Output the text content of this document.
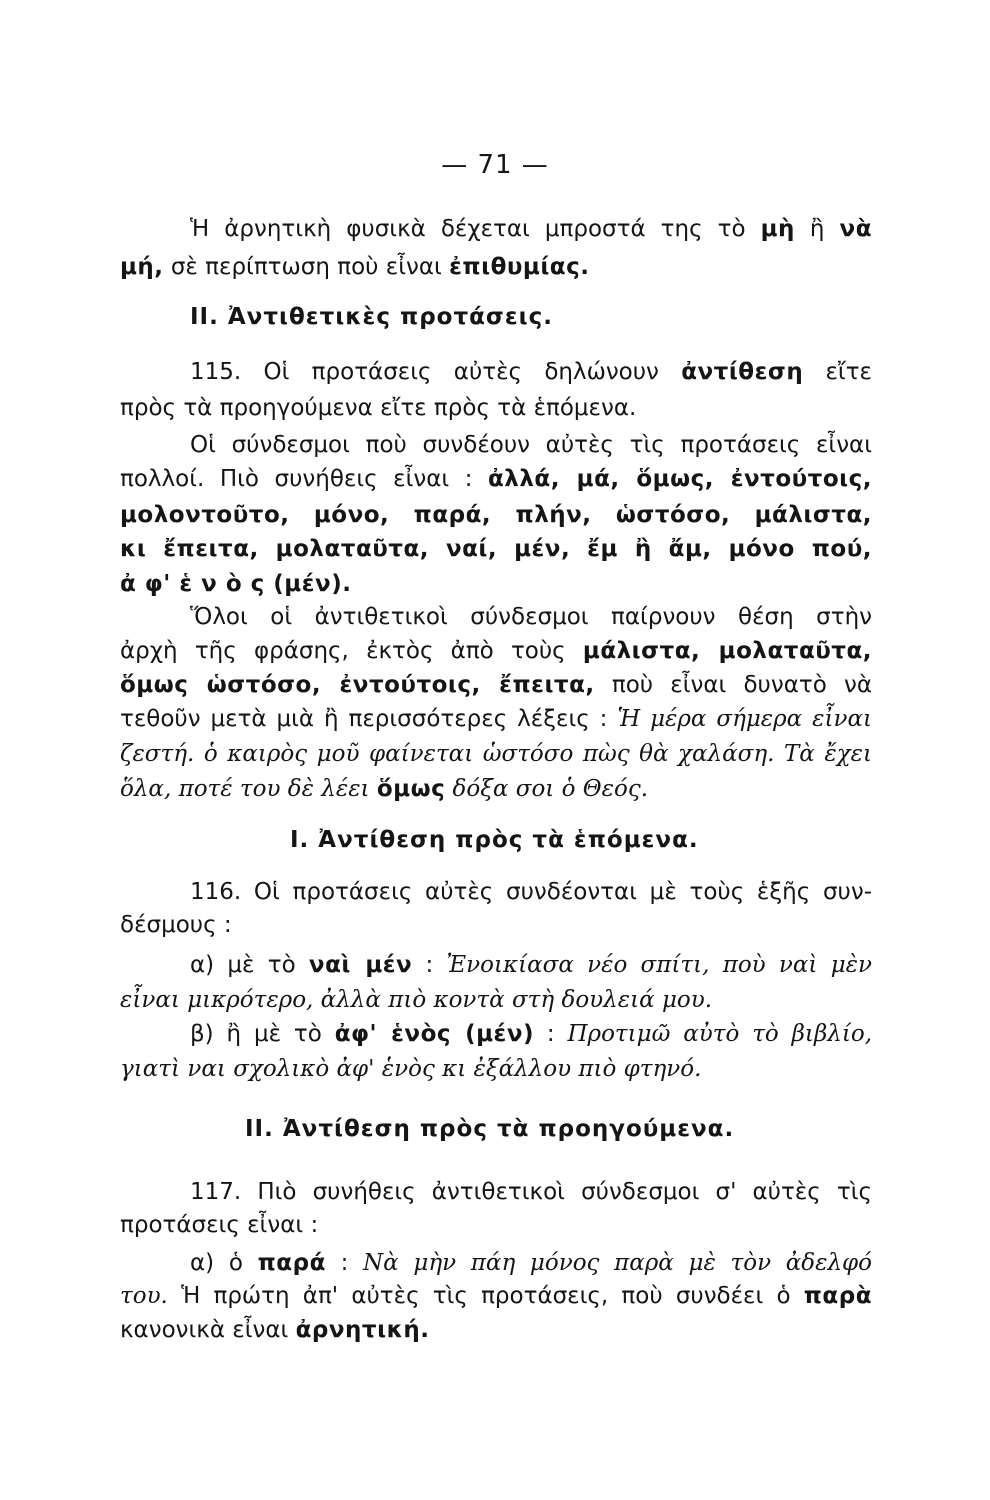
— 71 —
Ἡ ἀρνητικὴ φυσικὰ δέχεται μπροστά της τὸ μὴ ἢ νὰ
μή, σὲ περίπτωση ποὺ εἶναι ἐπιθυμίας.
II. Ἀντιθετικὲς προτάσεις.
115. Οἱ προτάσεις αὐτὲς δηλώνουν ἀντίθεση εἴτε
πρὸς τὰ προηγούμενα εἴτε πρὸς τὰ ἑπόμενα.
Οἱ σύνδεσμοι ποὺ συνδέουν αὐτὲς τὶς προτάσεις εἶναι
πολλοί. Πιὸ συνήθεις εἶναι : ἀλλά, μά, ὅμως, ἐντούτοις,
μολοντοῦτο, μόνο, παρά, πλήν, ὡστόσο, μάλιστα,
κι ἔπειτα, μολαταῦτα, ναί, μέν, ἔμ ἢ ἄμ, μόνο πού,
ἀ φ' ἑ ν ὸ ς (μέν).
Ὅλοι οἱ ἀντιθετικοὶ σύνδεσμοι παίρνουν θέση στὴν
ἀρχὴ τῆς φράσης, ἐκτὸς ἀπὸ τοὺς μάλιστα, μολαταῦτα,
ὅμως ὡστόσο, ἐντούτοις, ἔπειτα, ποὺ εἶναι δυνατὸ νὰ
τεθοῦν μετὰ μιὰ ἢ περισσότερες λέξεις : Ἡ μέρα σήμερα εἶναι
ζεστή. ὁ καιρὸς μοῦ φαίνεται ὡστόσο πὼς θὰ χαλάση. Τὰ ἔχει
ὅλα, ποτέ του δὲ λέει ὅμως δόξα σοι ὁ Θεός.
I. Ἀντίθεση πρὸς τὰ ἑπόμενα.
116. Οἱ προτάσεις αὐτὲς συνδέονται μὲ τοὺς ἑξῆς συν-
δέσμους :
α) μὲ τὸ ναὶ μέν : Ἐνοικίασα νέο σπίτι, ποὺ ναὶ μὲν
εἶναι μικρότερο, ἀλλὰ πιὸ κοντὰ στὴ δουλειά μου.
β) ἢ μὲ τὸ ἀφ' ἑνὸς (μέν) : Προτιμῶ αὐτὸ τὸ βιβλίο,
γιατὶ ναι σχολικὸ ἀφ' ἑνὸς κι ἐξάλλου πιὸ φτηνό.
II. Ἀντίθεση πρὸς τὰ προηγούμενα.
117. Πιὸ συνήθεις ἀντιθετικοὶ σύνδεσμοι σ' αὐτὲς τὶς
προτάσεις εἶναι :
α) ὁ παρά : Νὰ μὴν πάη μόνος παρὰ μὲ τὸν ἀδελφό
του. Ἡ πρώτη ἀπ' αὐτὲς τὶς προτάσεις, ποὺ συνδέει ὁ παρὰ
κανονικὰ εἶναι ἀρνητική.
